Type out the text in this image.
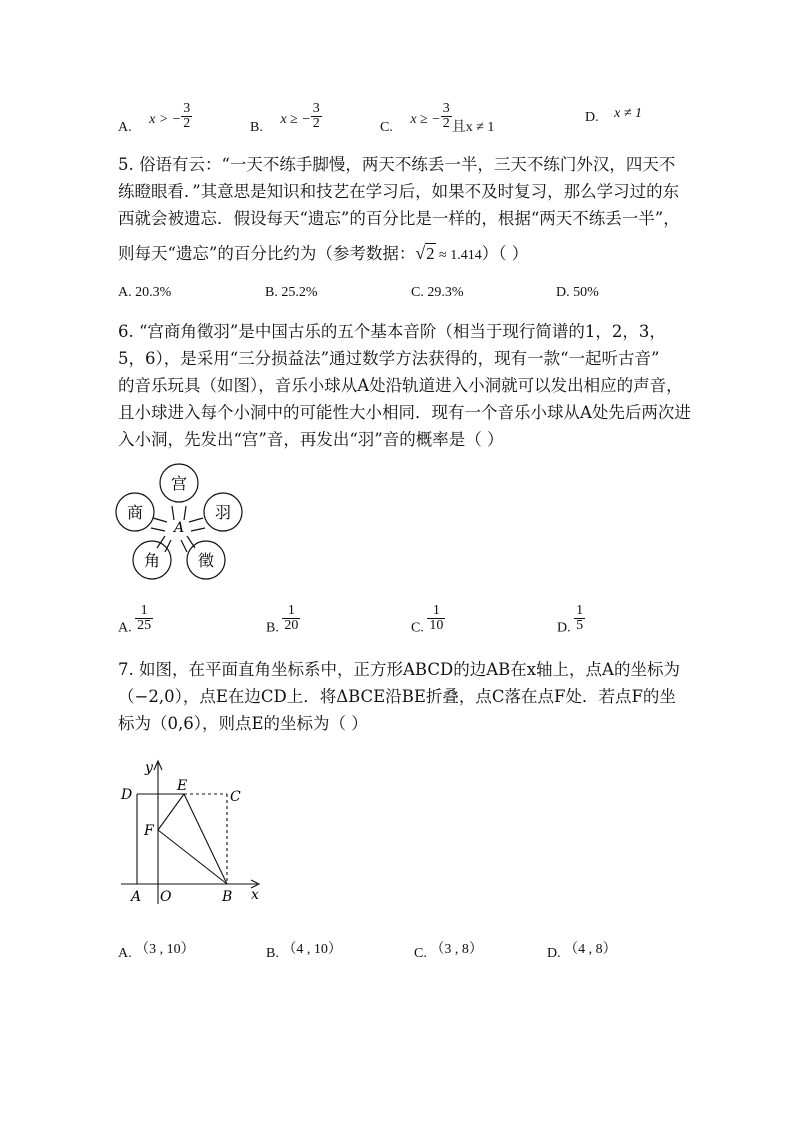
A. x > − $\frac{3}{2}$	B. x ≥ − $\frac{3}{2}$	C. x ≥ − $\frac{3}{2}$ 且x ≠ 1
D. x ≠ 1
5. 俗语有云：“一天不练手脚慢，两天不练丢一半，三天不练门外汉，四天不
练瞪眼看．”其意思是知识和技艺在学习后，如果不及时复习，那么学习过的东
西就会被遗忘．假设每天“遗忘”的百分比是一样的，根据“两天不练丢一半”，
则每天“遗忘”的百分比约为（参考数据：√2 ≈ 1.414）（ ）
A. 20.3%	B. 25.2%	C. 29.3%	D. 50%
6. “宫商角徵羽”是中国古乐的五个基本音阶（相当于现行简谱的1，2，3，
5，6），是采用“三分损益法”通过数学方法获得的，现有一款“一起听古音”
的音乐玩具（如图），音乐小球从A处沿轨道进入小洞就可以发出相应的声音，
且小球进入每个小洞中的可能性大小相同．现有一个音乐小球从A处先后两次进
入小洞，先发出“宫”音，再发出“羽”音的概率是（ ）
A
宫
羽
徵
角
商
A. $\frac{1}{25}$	B. $\frac{1}{20}$	C. $\frac{1}{10}$	D. $\frac{1}{5}$
7. 如图，在平面直角坐标系中，正方形ABCD的边AB在x轴上，点A的坐标为
（−2,0），点E在边CD上．将ΔBCE沿BE折叠，点C落在点F处．若点F的坐
标为（0,6），则点E的坐标为（ ）
y
x
D
E
C
F
A O	B
A. （3 , 10）	B. （4 , 10）	C. （3 , 8）	D. （4 , 8）
